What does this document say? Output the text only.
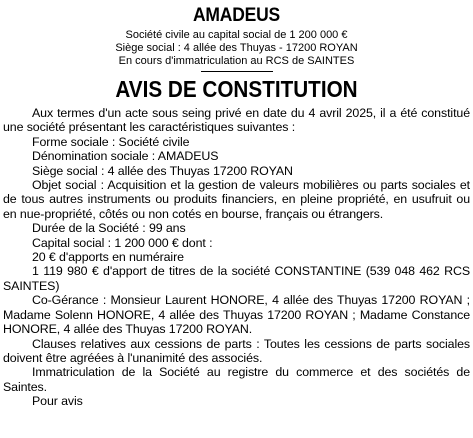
AMADEUS

Société civile au capital social de 1 200 000 €

Siège social : 4 allée des Thuyas - 17200 ROYAN

En cours d'immatriculation au RCS de SAINTES

AVIS DE CONSTITUTION

Aux termes d'un acte sous seing privé en date du 4 avril 2025, il a été constitué une société présentant les caractéristiques suivantes :

Forme sociale : Société civile

Dénomination sociale : AMADEUS

Siège social : 4 allée des Thuyas 17200 ROYAN

Objet social : Acquisition et la gestion de valeurs mobilières ou parts sociales et de tous autres instruments ou produits financiers, en pleine propriété, en usufruit ou en nue-propriété, côtés ou non cotés en bourse, français ou étrangers.

Durée de la Société : 99 ans

Capital social : 1 200 000 € dont :

20 € d'apports en numéraire

1 119 980 € d'apport de titres de la société CONSTANTINE (539 048 462 RCS SAINTES)

Co-Gérance : Monsieur Laurent HONORE, 4 allée des Thuyas 17200 ROYAN ; Madame Solenn HONORE, 4 allée des Thuyas 17200 ROYAN ; Madame Constance HONORE, 4 allée des Thuyas 17200 ROYAN.

Clauses relatives aux cessions de parts : Toutes les cessions de parts sociales doivent être agréées à l'unanimité des associés.

Immatriculation de la Société au registre du commerce et des sociétés de Saintes.

Pour avis
